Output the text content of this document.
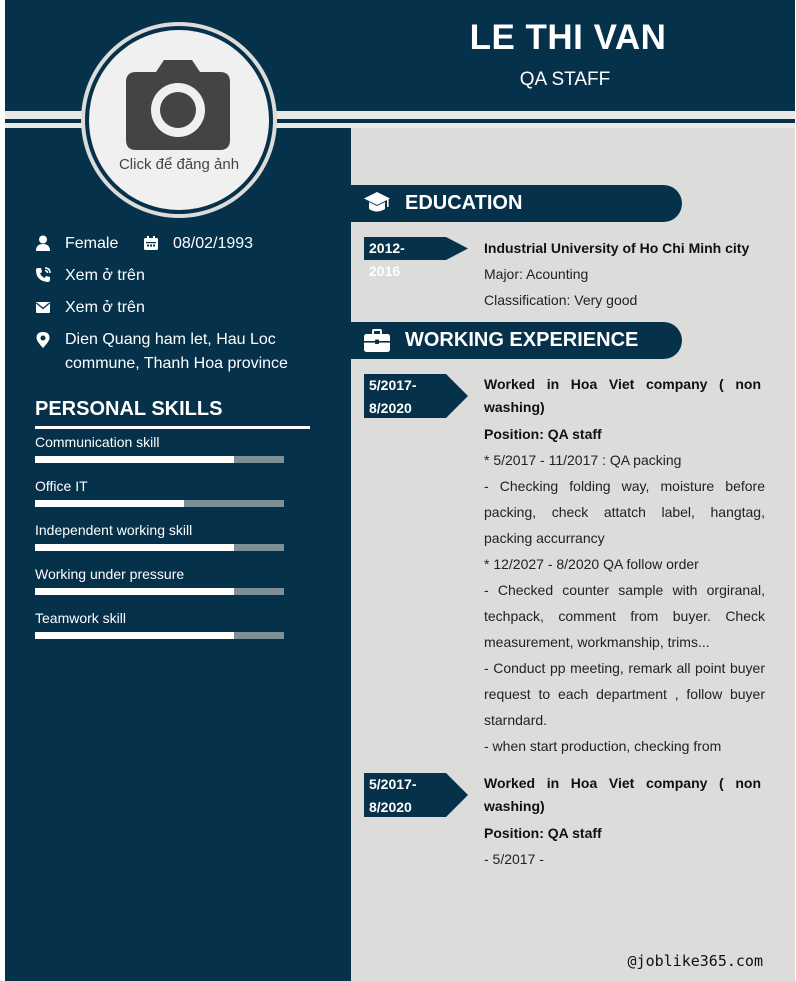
LE THI VAN
QA STAFF
Click để đăng ảnh
Female	08/02/1993
Xem ở trên
Xem ở trên
Dien Quang ham let, Hau Loc
commune, Thanh Hoa province
PERSONAL SKILLS
Communication skill
Office IT
Independent working skill
Working under pressure
Teamwork skill
EDUCATION
2012-2016
Industrial University of Ho Chi Minh city
Major: Acounting
Classification: Very good
WORKING EXPERIENCE
5/2017-
8/2020
Worked in Hoa Viet company ( non washing)
Position: QA staff
* 5/2017 - 11/2017 : QA packing
- Checking folding way, moisture before packing, check attatch label, hangtag, packing accurrancy
* 12/2027 - 8/2020 QA follow order
- Checked counter sample with orgiranal, techpack, comment from buyer. Check measurement, workmanship, trims...
- Conduct pp meeting, remark all point buyer request to each department , follow buyer starndard.
- when start production, checking from
5/2017-
8/2020
Worked in Hoa Viet company ( non washing)
Position: QA staff
- 5/2017 -
@joblike365.com
